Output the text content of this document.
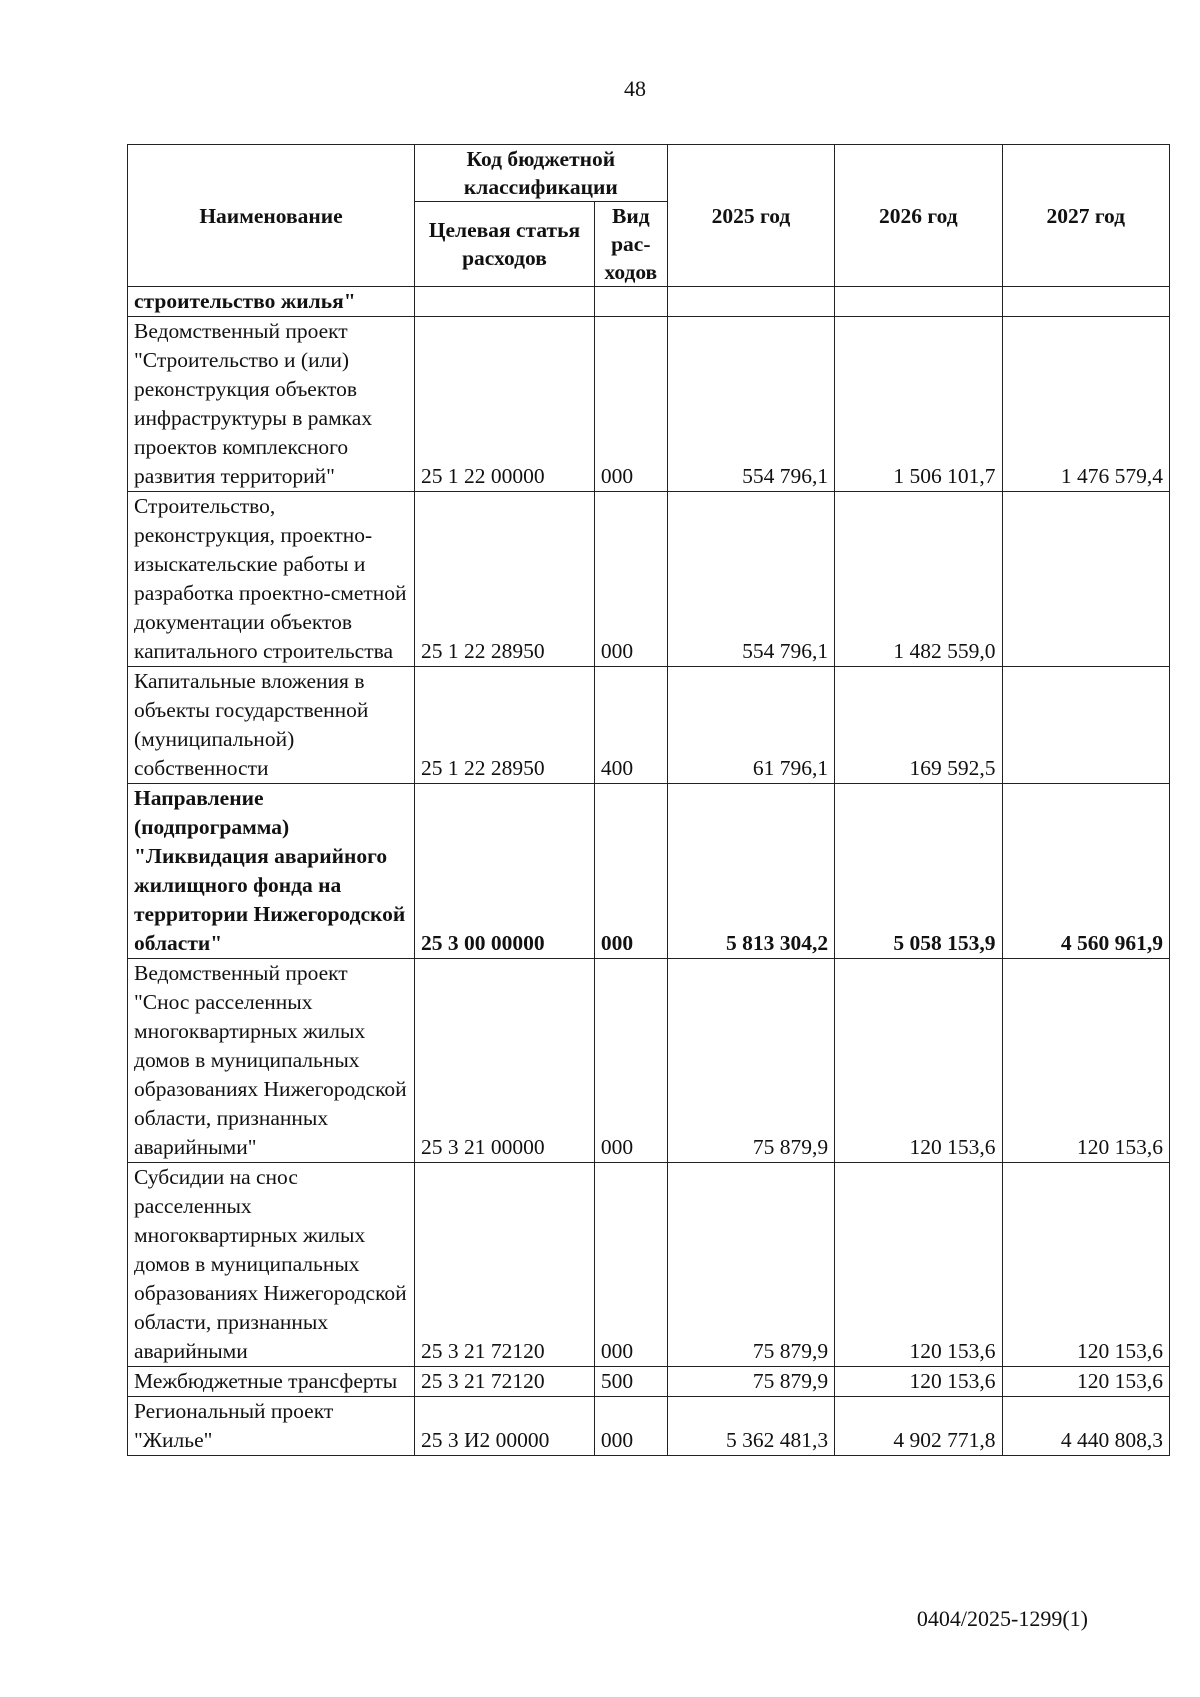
48
Наименование	Код бюджетной классификации		2025 год	2026 год	2027 год
	Целевая статья расходов	Вид рас-ходов			
строительство жилья"					
Ведомственный проект "Строительство и (или) реконструкция объектов инфраструктуры в рамках проектов комплексного развития территорий"	25 1 22 00000	000	554 796,1	1 506 101,7	1 476 579,4
Строительство, реконструкция, проектно-изыскательские работы и разработка проектно-сметной документации объектов капитального строительства	25 1 22 28950	000	554 796,1	1 482 559,0	
Капитальные вложения в объекты государственной (муниципальной) собственности	25 1 22 28950	400	61 796,1	169 592,5	
Направление (подпрограмма) "Ликвидация аварийного жилищного фонда на территории Нижегородской области"	25 3 00 00000	000	5 813 304,2	5 058 153,9	4 560 961,9
Ведомственный проект "Снос расселенных многоквартирных жилых домов в муниципальных образованиях Нижегородской области, признанных аварийными"	25 3 21 00000	000	75 879,9	120 153,6	120 153,6
Субсидии на снос расселенных многоквартирных жилых домов в муниципальных образованиях Нижегородской области, признанных аварийными	25 3 21 72120	000	75 879,9	120 153,6	120 153,6
Межбюджетные трансферты	25 3 21 72120	500	75 879,9	120 153,6	120 153,6
Региональный проект "Жилье"	25 3 И2 00000	000	5 362 481,3	4 902 771,8	4 440 808,3
0404/2025-1299(1)
